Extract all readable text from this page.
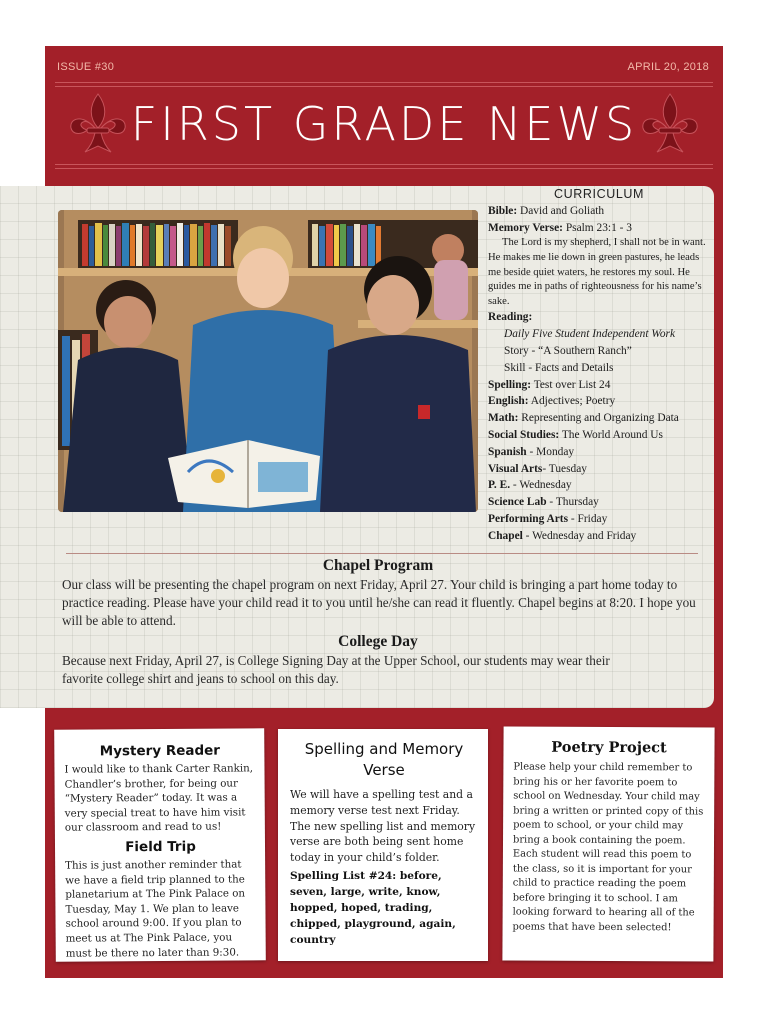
ISSUE #30	APRIL 20, 2018
FIRST GRADE NEWS
CURRICULUM

Bible: David and Goliath

Memory Verse: Psalm 23:1 - 3

The Lord is my shepherd, I shall not be in want. He makes me lie down in green pastures, he leads me beside quiet waters, he restores my soul. He guides me in paths of righteousness for his name’s sake.

Reading:

Daily Five Student Independent Work

Story - “A Southern Ranch”

Skill - Facts and Details

Spelling: Test over List 24

English: Adjectives; Poetry

Math: Representing and Organizing Data

Social Studies: The World Around Us

Spanish - Monday

Visual Arts- Tuesday

P. E. - Wednesday

Science Lab - Thursday

Performing Arts - Friday

Chapel - Wednesday and Friday

Chapel Program
Our class will be presenting the chapel program on next Friday, April 27. Your child is bringing a part home today to practice reading. Please have your child read it to you until he/she can read it fluently. Chapel begins at 8:20. I hope you will be able to attend.
College Day
Because next Friday, April 27, is College Signing Day at the Upper School, our students may wear their favorite college shirt and jeans to school on this day.

Mystery Reader

I would like to thank Carter Rankin, Chandler’s brother, for being our “Mystery Reader” today. It was a very special treat to have him visit our classroom and read to us!

Field Trip

This is just another reminder that we have a field trip planned to the planetarium at The Pink Palace on Tuesday, May 1. We plan to leave school around 9:00. If you plan to meet us at The Pink Palace, you must be there no later than 9:30.

Spelling and Memory Verse

We will have a spelling test and a memory verse test next Friday. The new spelling list and memory verse are both being sent home today in your child’s folder.

Spelling List #24: before, seven, large, write, know, hopped, hoped, trading, chipped, playground, again, country

Poetry Project

Please help your child remember to bring his or her favorite poem to school on Wednesday. Your child may bring a written or printed copy of this poem to school, or your child may bring a book containing the poem. Each student will read this poem to the class, so it is important for your child to practice reading the poem before bringing it to school. I am looking forward to hearing all of the poems that have been selected!
